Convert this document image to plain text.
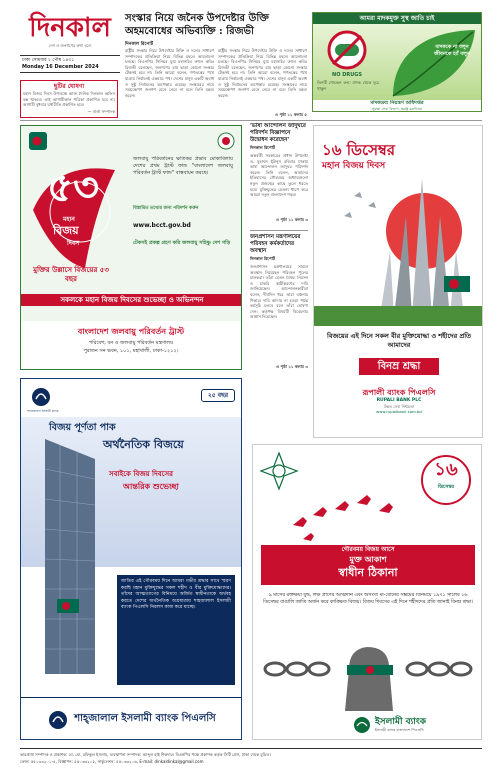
দিনকাল
দেশ ও জনগণের কথা বলে
ঢাকা সোমবার ২ পৌষ ১৪৩১
Monday 16 December 2024
ছুটির ঘোষণা
মহান বিজয় দিবস উপলক্ষে আজ দৈনিক দিনকাল অফিস বন্ধ থাকবে। তাই আগামীকাল পত্রিকা প্রকাশিত হবে না। আগামী বুধবার যথারীতি প্রকাশিত হবে।
— বার্তা সম্পাদক
সংস্কার নিয়ে জনৈক উপদেষ্টার উক্তি
অহমবোধের অভিব্যক্তি : রিজভী
দিনকাল রিপোর্ট
রাষ্ট্রীয় সংস্কার নিয়ে উপদেষ্টার উক্তি ও দলের সাধারণ সম্পাদকের প্রতিক্রিয়া নিয়ে বিভিন্ন মহলে আলোচনা চলছে। বিএনপির সিনিয়র যুগ্ম মহাসচিব রুহুল কবির রিজভী বলেছেন, জনগণের রায় ছাড়া কোনো সংস্কার টেকসই হবে না। তিনি আরো বলেন, গণতন্ত্রের পথে যাত্রায় নির্বাচনই একমাত্র পথ। দেশের মানুষ একটি অবাধ ও সুষ্ঠু নির্বাচনের অপেক্ষায় রয়েছে। সংস্কারের নামে সময়ক্ষেপণ জনগণ মেনে নেবে না বলে তিনি মন্তব্য করেন।
রাষ্ট্রীয় সংস্কার নিয়ে উপদেষ্টার উক্তি ও দলের সাধারণ সম্পাদকের প্রতিক্রিয়া নিয়ে বিভিন্ন মহলে আলোচনা চলছে। বিএনপির সিনিয়র যুগ্ম মহাসচিব রুহুল কবির রিজভী বলেছেন, জনগণের রায় ছাড়া কোনো সংস্কার টেকসই হবে না। তিনি আরো বলেন, গণতন্ত্রের পথে যাত্রায় নির্বাচনই একমাত্র পথ। দেশের মানুষ একটি অবাধ ও সুষ্ঠু নির্বাচনের অপেক্ষায় রয়েছে। সংস্কারের নামে সময়ক্ষেপণ জনগণ মেনে নেবে না বলে তিনি মন্তব্য করেন।
এ পৃষ্ঠা ১১ কলাম ৫
আমরা মাদকমুক্ত সুস্থ জাতি চাই
NO DRUGS
তিনটি গোল্ডেন রুল: মাদক থেকে দূরে থাকুন
মাদককে না বলুন জীবনকে হ্যাঁ বলুন
মাদকদ্রব্য নিয়ন্ত্রণ অধিদপ্তর
সুরক্ষা সেবা বিভাগ, স্বরাষ্ট্র মন্ত্রণালয়
৫৩
মহান
বিজয়
দিবস
মুক্তির উল্লাসে বিজয়ের ৫৩ বছর
জলবায়ু পরিবর্তনের ক্ষতিকর প্রভাব মোকাবিলায় দেশের প্রথম ট্রাস্ট ফান্ড "বাংলাদেশ জলবায়ু পরিবর্তন ট্রাস্ট ফান্ড" বাস্তবায়ন করছে।
বিস্তারিত তথ্যের জন্য পরিদর্শন করুন
www.bcct.gov.bd
টেকসই প্রকল্প গ্রহণ করি জলবায়ু সহিষ্ণু দেশ গড়ি
সকলকে মহান বিজয় দিবসের শুভেচ্ছা ও অভিনন্দন
বাংলাদেশ জলবায়ু পরিবর্তন ট্রাস্ট
পরিবেশ, বন ও জলবায়ু পরিবর্তন মন্ত্রণালয়
পুরাতন সন ভবন, ১০১, মহাখালী, ঢাকা-১২১২।
'ভাষা আন্দোলন জাদুঘরে পরিদর্শন বিজ্ঞাপনে উদ্বোধন করেছেন'
দিনকাল রিপোর্ট
অন্তর্বর্তী সরকারের প্রধান উপদেষ্টা ড. মুহাম্মদ ইউনূস রবিবার ঢাকায় ভাষা আন্দোলন জাদুঘর পরিদর্শন করেন। তিনি বলেন, আমাদের ইতিহাসের গৌরবময় অধ্যায়গুলো নতুন প্রজন্মের কাছে তুলে ধরতে হবে। মুক্তিযুদ্ধের চেতনা ধারণ করে আমরা নতুন বাংলাদেশ গড়ব।
এ পৃষ্ঠা ১১ কলাম ৩
জনপ্রশাসন মন্ত্রণালয়ের পরিবহন কর্মকর্তাদের অবস্থান
দিনকাল রিপোর্ট
জনপ্রশাসন মন্ত্রণালয়ের সামনে অবস্থান নিয়েছেন পরিবহন পুলের চালকরা। তাঁরা বেতন বৈষম্য নিরসন ও চাকরি স্থায়ীকরণের দাবি জানিয়েছেন। আন্দোলনকারীরা বলেন, দীর্ঘদিন ধরে তারা বঞ্চনার শিকার। দাবি আদায় না হওয়া পর্যন্ত কর্মসূচি চলবে বলে তাঁরা ঘোষণা দেন। কর্তৃপক্ষ বিষয়টি বিবেচনার আশ্বাস দিয়েছেন।
এ পৃষ্ঠা ১১ কলাম ৩
১৬ ডিসেম্বর
মহান বিজয় দিবস
বিজয়ের এই দিনে সকল বীর মুক্তিযোদ্ধা ও শহীদের প্রতি আমাদের
বিনম্র শ্রদ্ধা
রূপালী ব্যাংক পিএলসি
RUPALI BANK PLC
উন্নত সেবা নিশ্চয়তা
www.rupalibank.com.bd
শাহজালাল ইসলামী ব্যাংক
২৫ বছর
বিজয় পূর্ণতা পাক
অর্থনৈতিক বিজয়ে
সবাইকে বিজয় দিবসের
আন্তরিক শুভেচ্ছা
জাতির এই গৌরবময় দিনে আমরা গভীর শ্রদ্ধার সাথে স্মরণ করছি মহান মুক্তিযুদ্ধের সকল শহীদ ও বীর মুক্তিযোদ্ধাদের। তাঁদের আত্মত্যাগের বিনিময়ে অর্জিত স্বাধীনতাকে অর্থবহ করতে দেশের অর্থনৈতিক অগ্রযাত্রায় শাহজালাল ইসলামী ব্যাংক পিএলসি নিরলস কাজ করে যাচ্ছে।
শাহ্‌জালাল ইসলামী ব্যাংক পিএলসি
১৬
ডিসেম্বর
গৌরবময় বিজয় আসে
মুক্ত আকাশ
স্বাধীন ঠিকানা
৯ মাসের রক্তক্ষয়ী যুদ্ধ, লক্ষ প্রাণের আত্মদান এবং অসংখ্য মা-বোনের সম্ভ্রমের বিনিময়ে ১৯৭১ সালের ১৬ ডিসেম্বর বাঙালি জাতি অর্জন করে কাঙ্ক্ষিত বিজয়। বিজয় দিবসের এই দিনে শহীদদের প্রতি জানাই বিনম্র শ্রদ্ধা।
ইসলামী ব্যাংক
ইসলামী ব্যাংক বাংলাদেশ পিএলসি
ভারপ্রাপ্ত সম্পাদক ও প্রকাশক: ডা. মো. রফিকুল ইসলাম, ব্যবস্থাপনা সম্পাদক: আব্দুল হাই শিকদার। বিএনপির পক্ষে প্রকাশক কর্তৃক সিটি প্রেস, ঢাকা থেকে মুদ্রিত।
ফোন: ৫৫০৩৩২০১-৪, বিজ্ঞাপন: ৫৫০৩৩২০৫, সার্কুলেশন: ৫৫০৩৩২০৬, E-mail: dinkaldinkal@gmail.com
